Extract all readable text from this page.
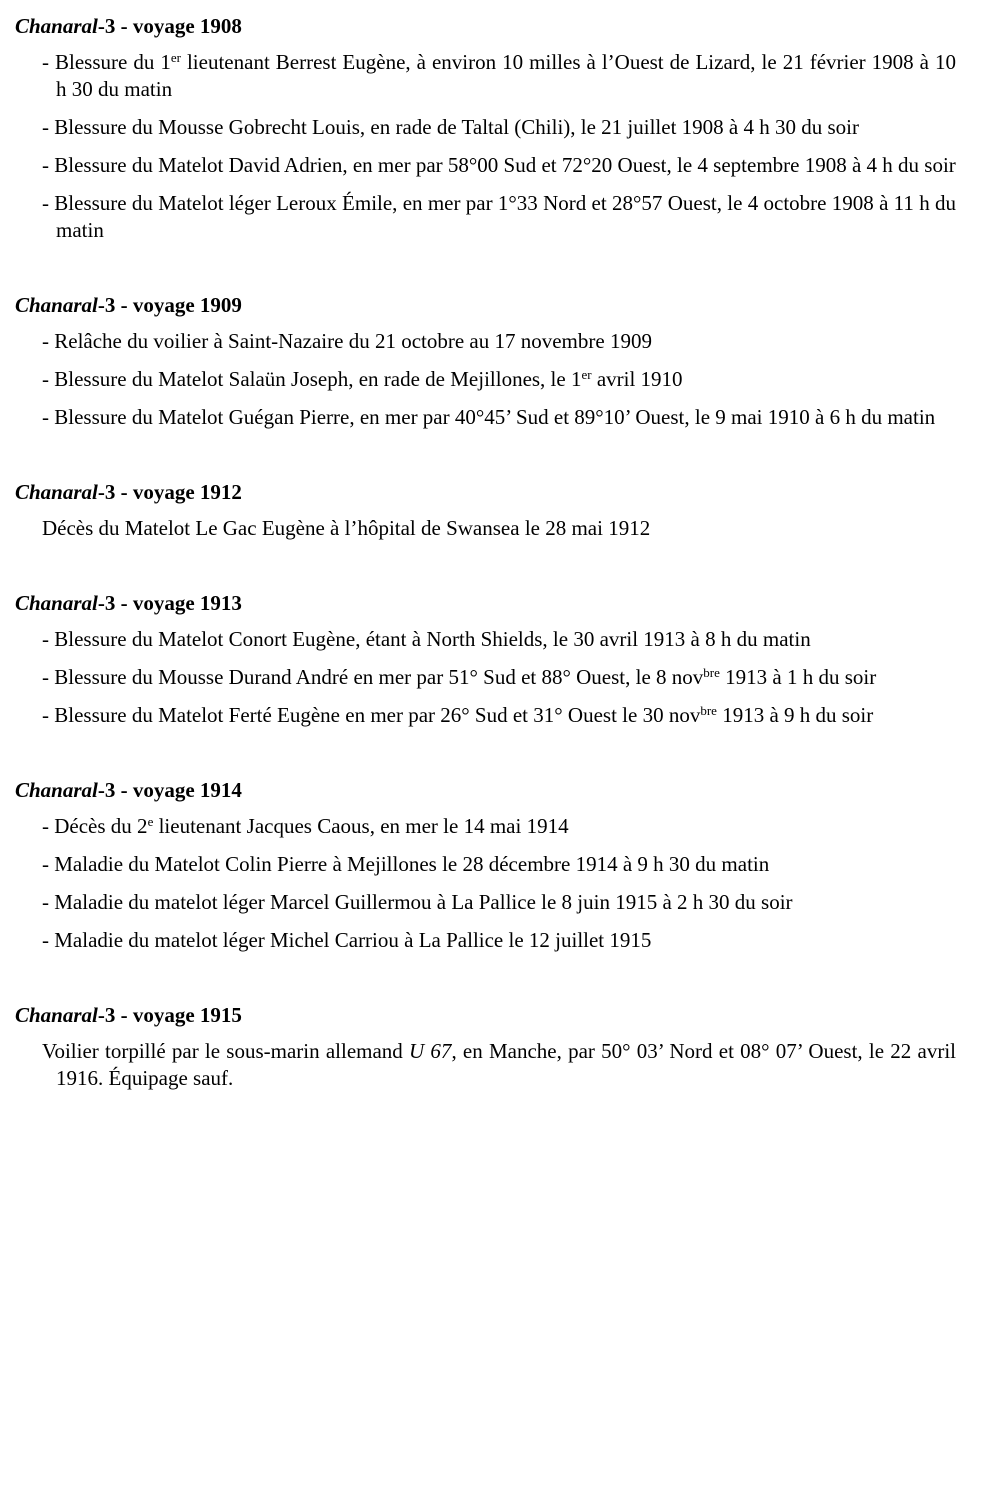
Chanaral-3 - voyage 1908
- Blessure du 1er lieutenant Berrest Eugène, à environ 10 milles à l’Ouest de Lizard, le 21 février 1908 à 10 h 30 du matin
- Blessure du Mousse Gobrecht Louis, en rade de Taltal (Chili), le 21 juillet 1908 à 4 h 30 du soir
- Blessure du Matelot David Adrien, en mer par 58°00 Sud et 72°20 Ouest, le 4 septembre 1908 à 4 h du soir
- Blessure du Matelot léger Leroux Émile, en mer par 1°33 Nord et 28°57 Ouest, le 4 octobre 1908 à 11 h du matin
Chanaral-3 - voyage 1909
- Relâche du voilier à Saint-Nazaire du 21 octobre au 17 novembre 1909
- Blessure du Matelot Salaün Joseph, en rade de Mejillones, le 1er avril 1910
- Blessure du Matelot Guégan Pierre, en mer par 40°45’ Sud et 89°10’ Ouest, le 9 mai 1910 à 6 h du matin
Chanaral-3 - voyage 1912
Décès du Matelot Le Gac Eugène à l’hôpital de Swansea le 28 mai 1912
Chanaral-3 - voyage 1913
- Blessure du Matelot Conort Eugène, étant à North Shields, le 30 avril 1913 à 8 h du matin
- Blessure du Mousse Durand André en mer par 51° Sud et 88° Ouest, le 8 nov$^{bre}$ 1913 à 1 h du soir
- Blessure du Matelot Ferté Eugène en mer par 26° Sud et 31° Ouest le 30 nov$^{bre}$ 1913 à 9 h du soir
Chanaral-3 - voyage 1914
- Décès du 2e lieutenant Jacques Caous, en mer le 14 mai 1914
- Maladie du Matelot Colin Pierre à Mejillones le 28 décembre 1914 à 9 h 30 du matin
- Maladie du matelot léger Marcel Guillermou à La Pallice le 8 juin 1915 à 2 h 30 du soir
- Maladie du matelot léger Michel Carriou à La Pallice le 12 juillet 1915
Chanaral-3 - voyage 1915
Voilier torpillé par le sous-marin allemand U 67, en Manche, par 50° 03’ Nord et 08° 07’ Ouest, le 22 avril 1916. Équipage sauf.
